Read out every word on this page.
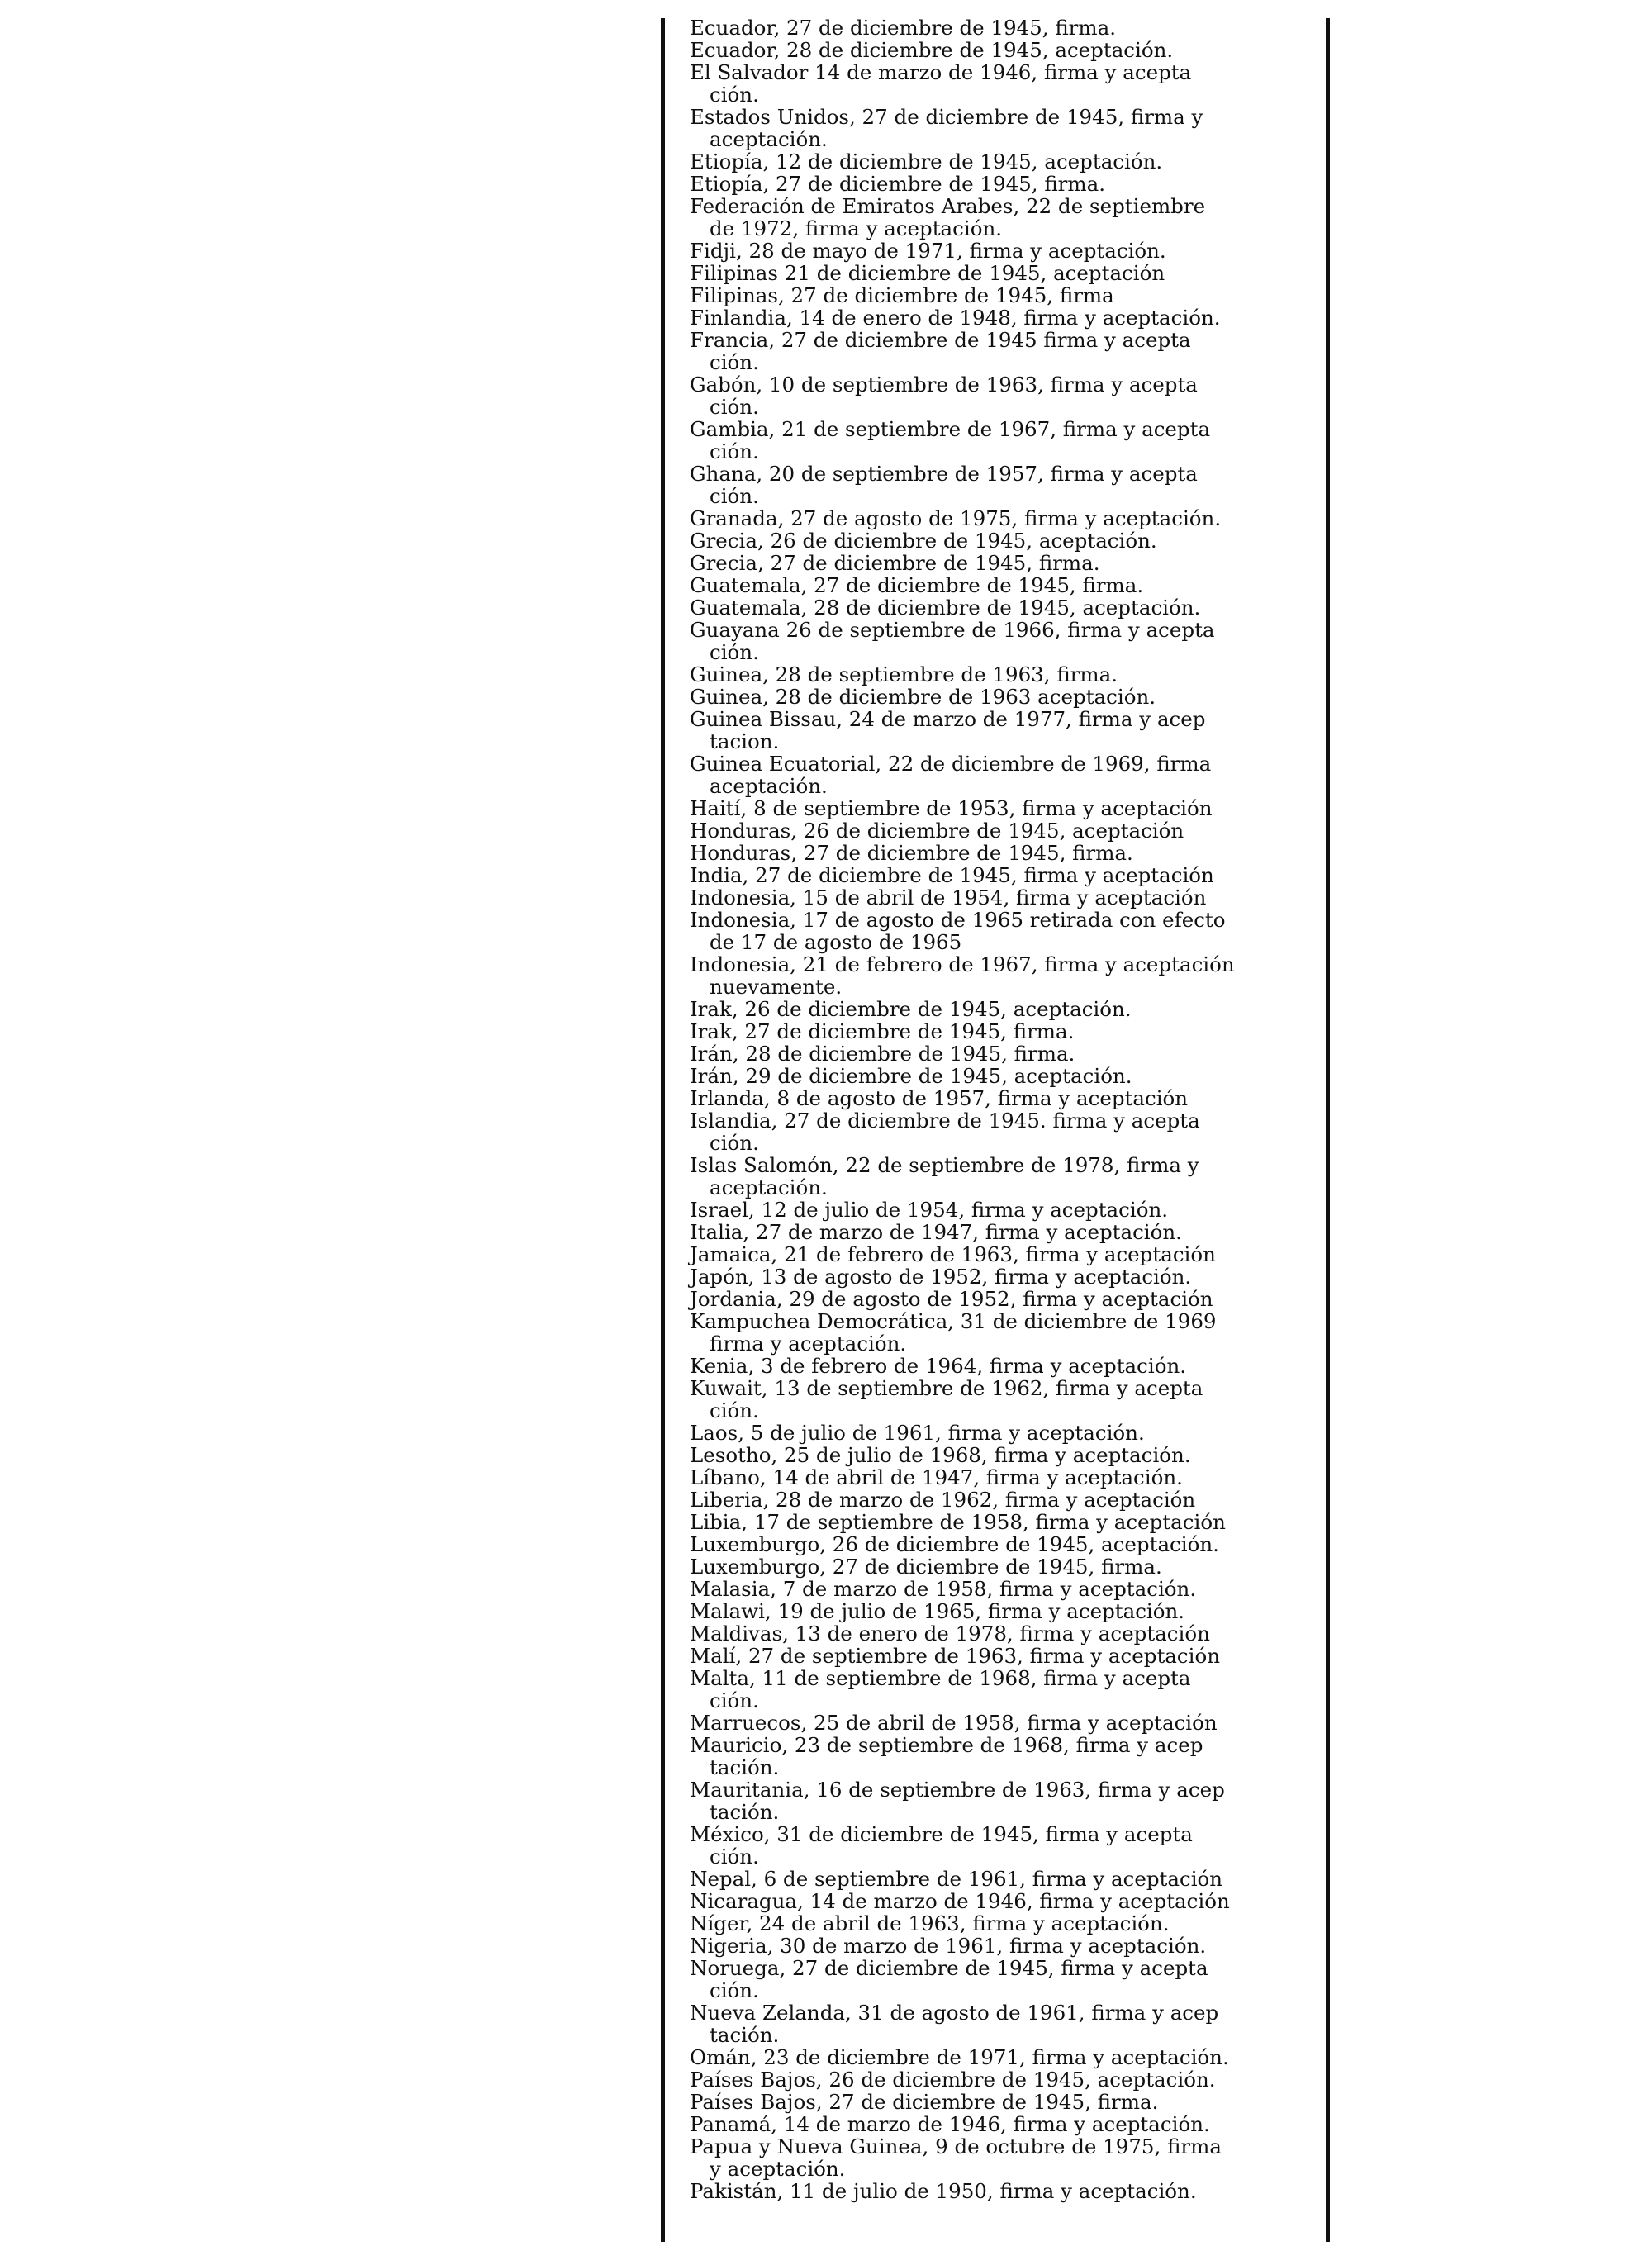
Ecuador, 27 de diciembre de 1945, firma.
Ecuador, 28 de diciembre de 1945, aceptación.
El Salvador 14 de marzo de 1946, firma y acepta
ción.
Estados Unidos, 27 de diciembre de 1945, firma y
aceptación.
Etiopía, 12 de diciembre de 1945, aceptación.
Etiopía, 27 de diciembre de 1945, firma.
Federación de Emiratos Arabes, 22 de septiembre
de 1972, firma y aceptación.
Fidji, 28 de mayo de 1971, firma y aceptación.
Filipinas 21 de diciembre de 1945, aceptación
Filipinas, 27 de diciembre de 1945, firma
Finlandia, 14 de enero de 1948, firma y aceptación.
Francia, 27 de diciembre de 1945 firma y acepta
ción.
Gabón, 10 de septiembre de 1963, firma y acepta
ción.
Gambia, 21 de septiembre de 1967, firma y acepta
ción.
Ghana, 20 de septiembre de 1957, firma y acepta
ción.
Granada, 27 de agosto de 1975, firma y aceptación.
Grecia, 26 de diciembre de 1945, aceptación.
Grecia, 27 de diciembre de 1945, firma.
Guatemala, 27 de diciembre de 1945, firma.
Guatemala, 28 de diciembre de 1945, aceptación.
Guayana 26 de septiembre de 1966, firma y acepta
ción.
Guinea, 28 de septiembre de 1963, firma.
Guinea, 28 de diciembre de 1963 aceptación.
Guinea Bissau, 24 de marzo de 1977, firma y acep
tacion.
Guinea Ecuatorial, 22 de diciembre de 1969, firma
aceptación.
Haití, 8 de septiembre de 1953, firma y aceptación
Honduras, 26 de diciembre de 1945, aceptación
Honduras, 27 de diciembre de 1945, firma.
India, 27 de diciembre de 1945, firma y aceptación
Indonesia, 15 de abril de 1954, firma y aceptación
Indonesia, 17 de agosto de 1965 retirada con efecto
de 17 de agosto de 1965
Indonesia, 21 de febrero de 1967, firma y aceptación
nuevamente.
Irak, 26 de diciembre de 1945, aceptación.
Irak, 27 de diciembre de 1945, firma.
Irán, 28 de diciembre de 1945, firma.
Irán, 29 de diciembre de 1945, aceptación.
Irlanda, 8 de agosto de 1957, firma y aceptación
Islandia, 27 de diciembre de 1945. firma y acepta
ción.
Islas Salomón, 22 de septiembre de 1978, firma y
aceptación.
Israel, 12 de julio de 1954, firma y aceptación.
Italia, 27 de marzo de 1947, firma y aceptación.
Jamaica, 21 de febrero de 1963, firma y aceptación
Japón, 13 de agosto de 1952, firma y aceptación.
Jordania, 29 de agosto de 1952, firma y aceptación
Kampuchea Democrática, 31 de diciembre de 1969
firma y aceptación.
Kenia, 3 de febrero de 1964, firma y aceptación.
Kuwait, 13 de septiembre de 1962, firma y acepta
ción.
Laos, 5 de julio de 1961, firma y aceptación.
Lesotho, 25 de julio de 1968, firma y aceptación.
Líbano, 14 de abril de 1947, firma y aceptación.
Liberia, 28 de marzo de 1962, firma y aceptación
Libia, 17 de septiembre de 1958, firma y aceptación
Luxemburgo, 26 de diciembre de 1945, aceptación.
Luxemburgo, 27 de diciembre de 1945, firma.
Malasia, 7 de marzo de 1958, firma y aceptación.
Malawi, 19 de julio de 1965, firma y aceptación.
Maldivas, 13 de enero de 1978, firma y aceptación
Malí, 27 de septiembre de 1963, firma y aceptación
Malta, 11 de septiembre de 1968, firma y acepta
ción.
Marruecos, 25 de abril de 1958, firma y aceptación
Mauricio, 23 de septiembre de 1968, firma y acep
tación.
Mauritania, 16 de septiembre de 1963, firma y acep
tación.
México, 31 de diciembre de 1945, firma y acepta
ción.
Nepal, 6 de septiembre de 1961, firma y aceptación
Nicaragua, 14 de marzo de 1946, firma y aceptación
Níger, 24 de abril de 1963, firma y aceptación.
Nigeria, 30 de marzo de 1961, firma y aceptación.
Noruega, 27 de diciembre de 1945, firma y acepta
ción.
Nueva Zelanda, 31 de agosto de 1961, firma y acep
tación.
Omán, 23 de diciembre de 1971, firma y aceptación.
Países Bajos, 26 de diciembre de 1945, aceptación.
Países Bajos, 27 de diciembre de 1945, firma.
Panamá, 14 de marzo de 1946, firma y aceptación.
Papua y Nueva Guinea, 9 de octubre de 1975, firma
y aceptación.
Pakistán, 11 de julio de 1950, firma y aceptación.
